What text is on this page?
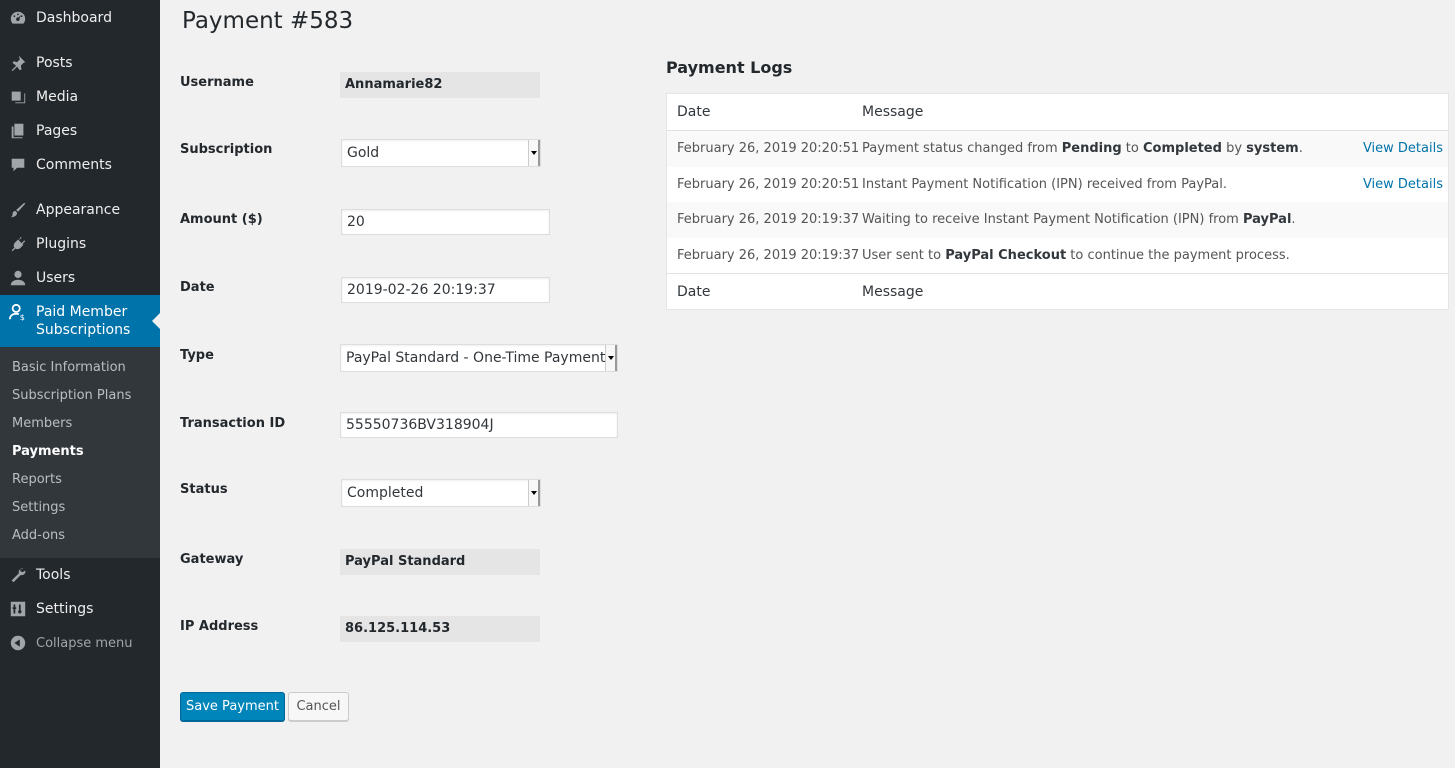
Dashboard
Posts
Media
Pages
Comments
Appearance
Plugins
Users
$ Paid Member Subscriptions
Basic Information
Subscription Plans
Members
Payments
Reports
Settings
Add-ons
Tools
Settings
Collapse menu
Payment #583
Username	Annamarie82
Subscription	Gold
Amount ($)	20
Date	2019-02-26 20:19:37
Type	PayPal Standard - One-Time Payment
Transaction ID	55550736BV318904J
Status	Completed
Gateway	PayPal Standard
IP Address	86.125.114.53
Save Payment	Cancel
Payment Logs
Date	Message
February 26, 2019 20:20:51 Payment status changed from Pending to Completed by system.	View Details
February 26, 2019 20:20:51 Instant Payment Notification (IPN) received from PayPal.	View Details
February 26, 2019 20:19:37 Waiting to receive Instant Payment Notification (IPN) from PayPal.
February 26, 2019 20:19:37 User sent to PayPal Checkout to continue the payment process.
Date	Message
